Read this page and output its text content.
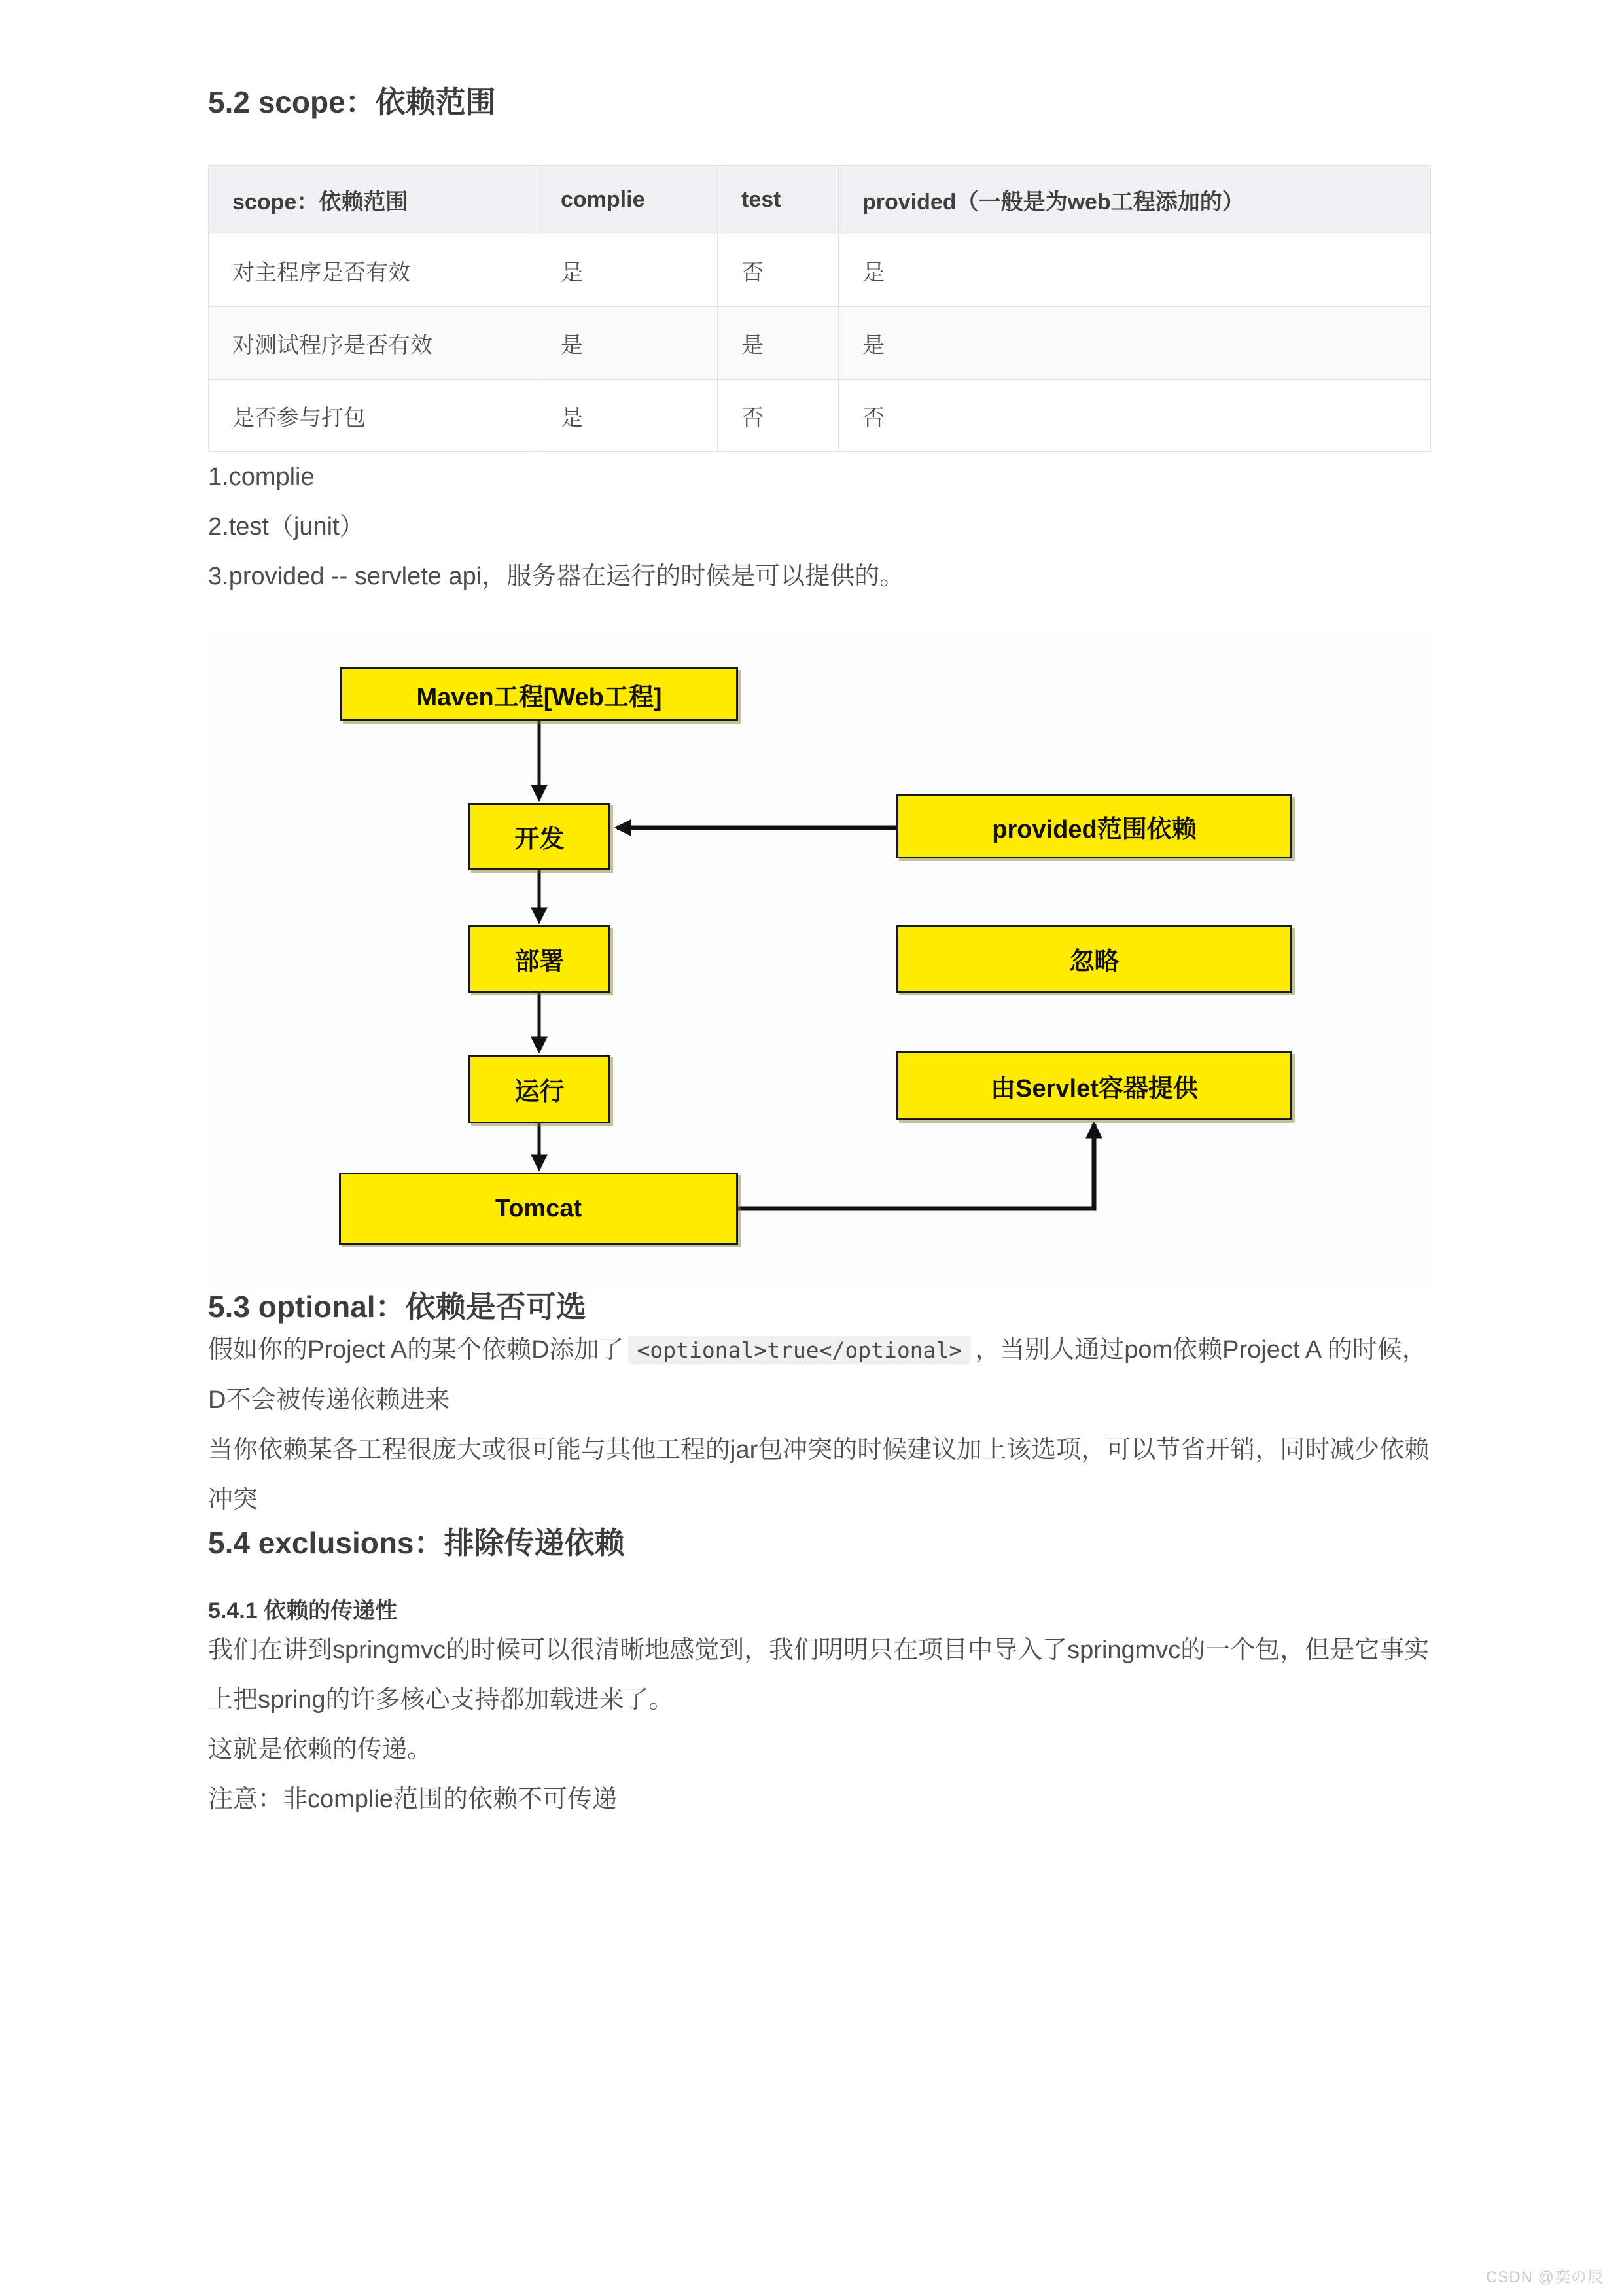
5.2 scope：依赖范围
scope：依赖范围	complie	test	provided（一般是为web工程添加的）
对主程序是否有效	是	否	是
对测试程序是否有效	是	是	是
是否参与打包	是	否	否

1.complie

2.test（junit）

3.provided -- servlete api，服务器在运行的时候是可以提供的。

Maven工程[Web工程]
开发	provided范围依赖
部署	忽略
运行	由Servlet容器提供
Tomcat
5.3 optional：依赖是否可选

假如你的Project A的某个依赖D添加了 <optional>true</optional> ，当别人通过pom依赖Project A 的时候，D不会被传递依赖进来

当你依赖某各工程很庞大或很可能与其他工程的jar包冲突的时候建议加上该选项，可以节省开销，同时减少依赖冲突

5.4 exclusions：排除传递依赖
5.4.1 依赖的传递性

我们在讲到springmvc的时候可以很清晰地感觉到，我们明明只在项目中导入了springmvc的一个包，但是它事实上把spring的许多核心支持都加载进来了。

这就是依赖的传递。

注意：非complie范围的依赖不可传递

CSDN @奕の辰
